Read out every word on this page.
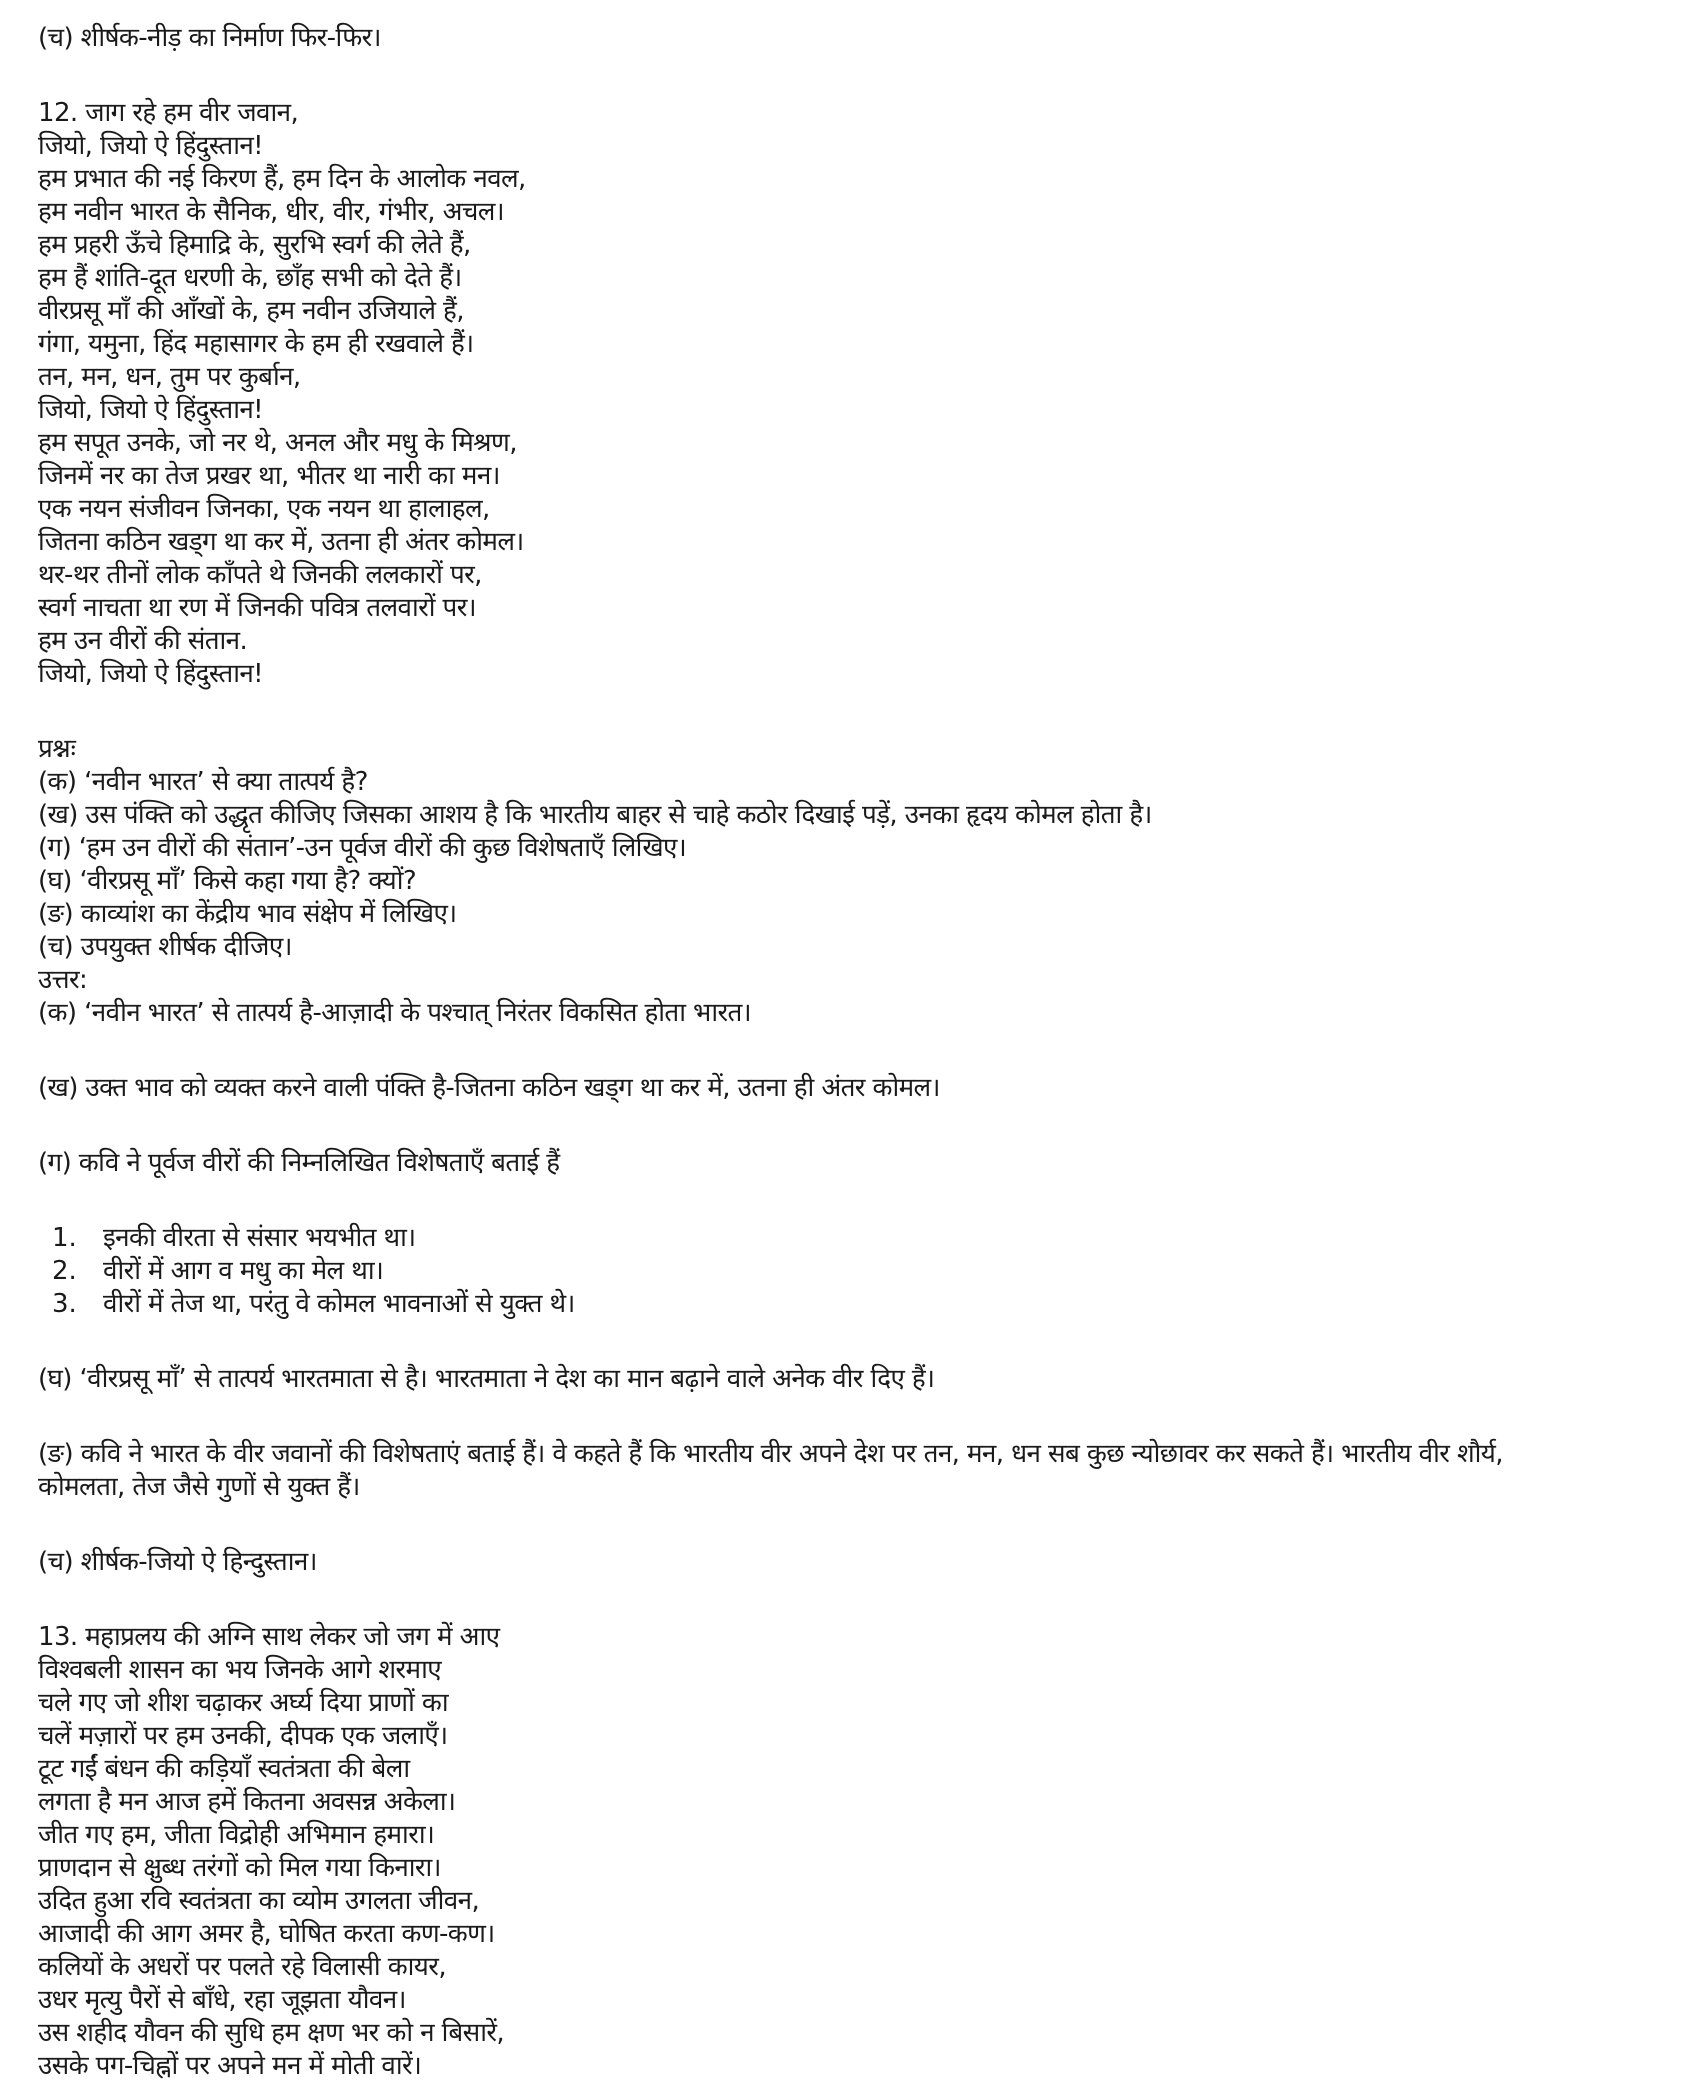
(च) शीर्षक-नीड़ का निर्माण फिर-फिर।
12. जाग रहे हम वीर जवान,
जियो, जियो ऐ हिंदुस्तान!
हम प्रभात की नई किरण हैं, हम दिन के आलोक नवल,
हम नवीन भारत के सैनिक, धीर, वीर, गंभीर, अचल।
हम प्रहरी ऊँचे हिमाद्रि के, सुरभि स्वर्ग की लेते हैं,
हम हैं शांति-दूत धरणी के, छाँह सभी को देते हैं।
वीरप्रसू माँ की आँखों के, हम नवीन उजियाले हैं,
गंगा, यमुना, हिंद महासागर के हम ही रखवाले हैं।
तन, मन, धन, तुम पर कुर्बान,
जियो, जियो ऐ हिंदुस्तान!
हम सपूत उनके, जो नर थे, अनल और मधु के मिश्रण,
जिनमें नर का तेज प्रखर था, भीतर था नारी का मन।
एक नयन संजीवन जिनका, एक नयन था हालाहल,
जितना कठिन खड्ग था कर में, उतना ही अंतर कोमल।
थर-थर तीनों लोक काँपते थे जिनकी ललकारों पर,
स्वर्ग नाचता था रण में जिनकी पवित्र तलवारों पर।
हम उन वीरों की संतान.
जियो, जियो ऐ हिंदुस्तान!
प्रश्नः
(क) ‘नवीन भारत’ से क्या तात्पर्य है?
(ख) उस पंक्ति को उद्धृत कीजिए जिसका आशय है कि भारतीय बाहर से चाहे कठोर दिखाई पड़ें, उनका हृदय कोमल होता है।
(ग) ‘हम उन वीरों की संतान’-उन पूर्वज वीरों की कुछ विशेषताएँ लिखिए।
(घ) ‘वीरप्रसू माँ’ किसे कहा गया है? क्यों?
(ङ) काव्यांश का केंद्रीय भाव संक्षेप में लिखिए।
(च) उपयुक्त शीर्षक दीजिए।
उत्तर:
(क) ‘नवीन भारत’ से तात्पर्य है-आज़ादी के पश्चात् निरंतर विकसित होता भारत।
(ख) उक्त भाव को व्यक्त करने वाली पंक्ति है-जितना कठिन खड्ग था कर में, उतना ही अंतर कोमल।
(ग) कवि ने पूर्वज वीरों की निम्नलिखित विशेषताएँ बताई हैं
1. इनकी वीरता से संसार भयभीत था।
2. वीरों में आग व मधु का मेल था।
3. वीरों में तेज था, परंतु वे कोमल भावनाओं से युक्त थे।
(घ) ‘वीरप्रसू माँ’ से तात्पर्य भारतमाता से है। भारतमाता ने देश का मान बढ़ाने वाले अनेक वीर दिए हैं।
(ङ) कवि ने भारत के वीर जवानों की विशेषताएं बताई हैं। वे कहते हैं कि भारतीय वीर अपने देश पर तन, मन, धन सब कुछ न्योछावर कर सकते हैं। भारतीय वीर शौर्य,
कोमलता, तेज जैसे गुणों से युक्त हैं।
(च) शीर्षक-जियो ऐ हिन्दुस्तान।
13. महाप्रलय की अग्नि साथ लेकर जो जग में आए
विश्वबली शासन का भय जिनके आगे शरमाए
चले गए जो शीश चढ़ाकर अर्घ्य दिया प्राणों का
चलें मज़ारों पर हम उनकी, दीपक एक जलाएँ।
टूट गईं बंधन की कड़ियाँ स्वतंत्रता की बेला
लगता है मन आज हमें कितना अवसन्न अकेला।
जीत गए हम, जीता विद्रोही अभिमान हमारा।
प्राणदान से क्षुब्ध तरंगों को मिल गया किनारा।
उदित हुआ रवि स्वतंत्रता का व्योम उगलता जीवन,
आजादी की आग अमर है, घोषित करता कण-कण।
कलियों के अधरों पर पलते रहे विलासी कायर,
उधर मृत्यु पैरों से बाँधे, रहा जूझता यौवन।
उस शहीद यौवन की सुधि हम क्षण भर को न बिसारें,
उसके पग-चिह्नों पर अपने मन में मोती वारें।
